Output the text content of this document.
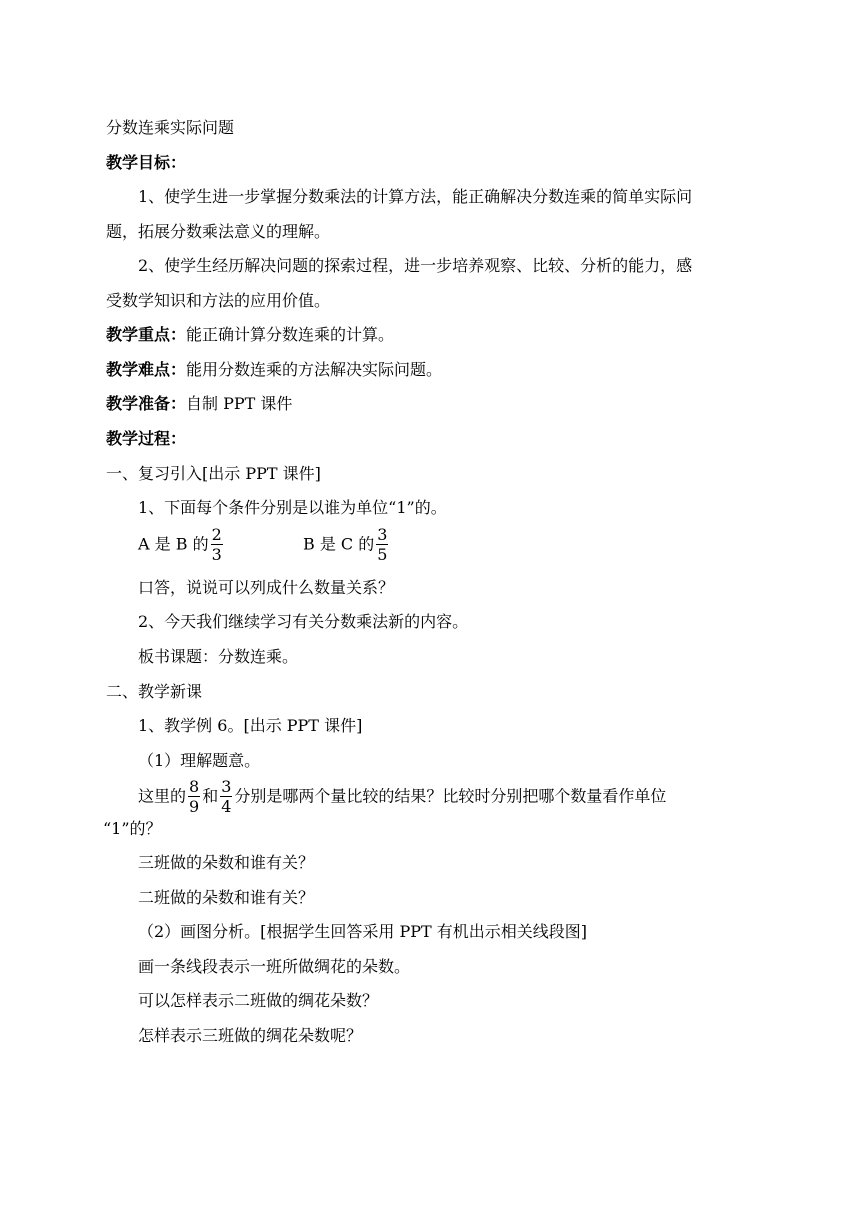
分数连乘实际问题
教学目标：
1、使学生进一步掌握分数乘法的计算方法，能正确解决分数连乘的简单实际问
题，拓展分数乘法意义的理解。
2、使学生经历解决问题的探索过程，进一步培养观察、比较、分析的能力，感
受数学知识和方法的应用价值。
教学重点：能正确计算分数连乘的计算。
教学难点：能用分数连乘的方法解决实际问题。
教学准备：自制 PPT 课件
教学过程：
一、复习引入[出示 PPT 课件]
1、下面每个条件分别是以谁为单位“1”的。
A 是 B 的 $\frac{2}{3}$	B 是 C 的 $\frac{3}{5}$
口答，说说可以列成什么数量关系？
2、今天我们继续学习有关分数乘法新的内容。
板书课题：分数连乘。
二、教学新课
1、教学例 6。[出示 PPT 课件]
（1）理解题意。
这里的 $\frac{8}{9}$ 和 $\frac{3}{4}$ 分别是哪两个量比较的结果？比较时分别把哪个数量看作单位
“1”的？
三班做的朵数和谁有关？
二班做的朵数和谁有关？
（2）画图分析。[根据学生回答采用 PPT 有机出示相关线段图]
画一条线段表示一班所做绸花的朵数。
可以怎样表示二班做的绸花朵数？
怎样表示三班做的绸花朵数呢？
